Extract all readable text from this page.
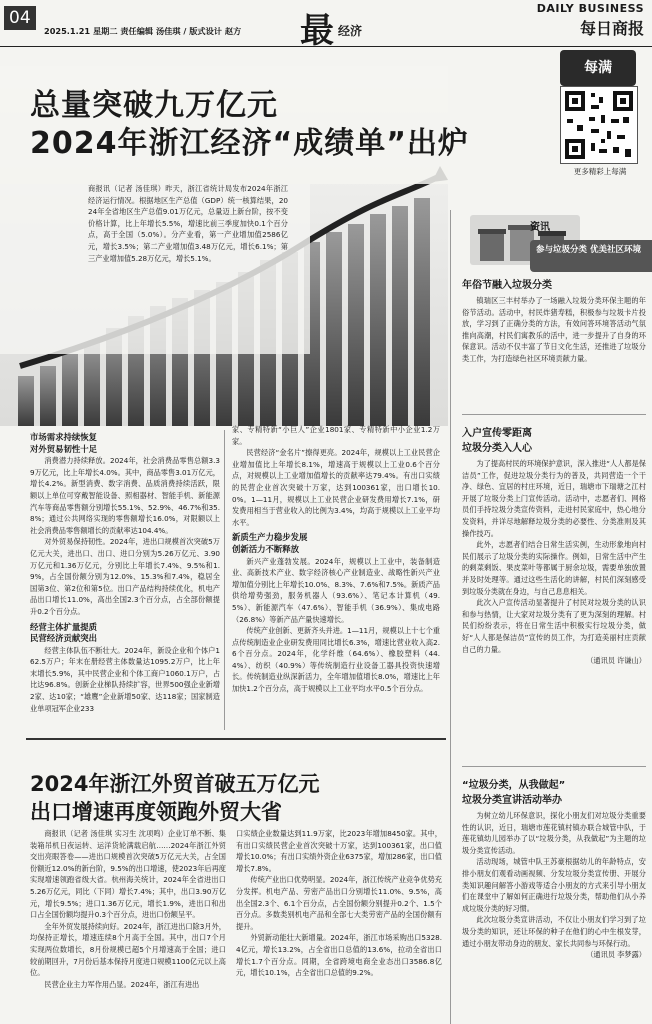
04
2025.1.21 星期二 责任编辑 汤佳琪 / 版式设计 赵方 最 经济
DAILY BUSINESS
每日商报
总量突破九万亿元
2024年浙江经济“成绩单”出炉
每满
更多精彩上每满
商报讯（记者 汤佳琪）昨天，浙江省统计局发布2024年浙江经济运行情况。根据地区生产总值（GDP）统一核算结果，2024年全省地区生产总值9.01万亿元，总量迈上新台阶，按不变价格计算，比上年增长5.5%，增速比前三季度加快0.1个百分点，高于全国（5.0%）。分产业看，第一产业增加值2586亿元，增长3.5%；第二产业增加值3.48万亿元，增长6.1%；第三产业增加值5.28万亿元，增长5.1%。
市场需求持续恢复
对外贸易韧性十足
消费潜力持续释放。2024年，社会消费品零售总额3.39万亿元，比上年增长4.0%。其中，商品零售3.01万亿元，增长4.2%。新型消费、数字消费、品质消费持续活跃，限额以上单位可穿戴智能设备、照相器材、智能手机、新能源汽车等商品零售额分别增长55.1%、52.9%、46.7%和35.8%；通过公共网络实现的零售额增长16.0%，对限额以上社会消费品零售额增长的贡献率达104.4%。
对外贸易保持韧性。2024年，进出口规模首次突破5万亿元大关，进出口、出口、进口分别为5.26万亿元、3.90万亿元和1.36万亿元，分别比上年增长7.4%、9.5%和1.9%，占全国份额分别为12.0%、15.3%和7.4%，稳居全国第3位、第2位和第5位。出口产品结构持续优化，机电产品出口增长11.0%，高出全国2.3个百分点，占全部份额提升0.2个百分点。
经营主体扩量提质
民营经济贡献突出
经营主体队伍不断壮大。2024年，新设企业和个体户162.5万户；年末在册经营主体数量达1095.2万户，比上年末增长5.9%，其中民营企业和个体工商户1060.1万户，占比达96.8%。创新企业梯队持续扩容，世界500强企业新增2家、达10家；“雄鹰”企业新增50家、达118家；国家制造业单项冠军企业233
家、专精特新“小巨人”企业1801家、专精特新中小企业1.2万家。
民营经济“金名片”擦得更亮。2024年，规模以上工业民营企业增加值比上年增长8.1%，增速高于规模以上工业0.6个百分点，对规模以上工业增加值增长的贡献率达79.4%。有出口实绩的民营企业首次突破十万家，达到100361家，出口增长10.0%。1—11月，规模以上工业民营企业研发费用增长7.1%，研发费用相当于营业收入的比例为3.4%，均高于规模以上工业平均水平。
新质生产力稳步发展
创新活力不断释放
新兴产业蓬勃发展。2024年，规模以上工业中，装备制造业、高新技术产业、数字经济核心产业制造业、战略性新兴产业增加值分别比上年增长10.0%、8.3%、7.6%和7.5%。新质产品供给增势强劲，服务机器人（93.6%）、笔记本计算机（49.5%）、新能源汽车（47.6%）、智能手机（36.9%）、集成电路（26.8%）等新产品产量快速增长。
传统产业创新、更新齐头并进。1—11月，规模以上十七个重点传统制造业企业研发费用同比增长6.3%，增速比营业收入高2.6个百分点。2024年，化学纤维（64.6%）、橡胶塑料（44.4%）、纺织（40.9%）等传统制造行业设备工器具投资快速增长。传统制造业纵深新活力，全年增加值增长8.0%，增速比上年加快1.2个百分点，高于规模以上工业平均水平0.5个百分点。
2024年浙江外贸首破五万亿元
出口增速再度领跑外贸大省
商报讯（记者 汤佳琪 实习生 沈项鸣）企业订单不断、集装箱吊机日夜运转、运洋货轮满载启航……2024年浙江外贸交出亮眼答卷——进出口规模首次突破5万亿元大关，占全国份额近12.0%的新台阶，9.5%的出口增速，使2023年后再度实现增速领跑省级大省。杭州海关统计，2024年全省进出口5.26万亿元，同比（下同）增长7.4%；其中，出口3.90万亿元，增长9.5%；进口1.36万亿元，增长1.9%，进出口和出口占全国份额均提升0.3个百分点，进出口份额呈平。
全年外贸发展持续向好。2024年，浙江进出口除3月外，均保持正增长，增速连续8个月高于全国。其中，出口7个月实现两位数增长，8月份规模已超5个月增速高于全国；进口较前期回升，7月份后基本保持月度进口规模1100亿元以上高位。
民营企业主力军作用凸显。2024年，浙江有进出
口实绩企业数量达到11.9万家，比2023年增加8450家。其中，有出口实绩民营企业首次突破十万家，达到100361家，出口值增长10.0%；有出口实绩外资企业6375家，增加286家，出口值增长7.8%。
传统产业出口优势明显。2024年，浙江传统产业竞争优势充分发挥。机电产品、劳密产品出口分别增长11.0%、9.5%，高出全国2.3个、6.1个百分点，占全国份额分别提升0.2个、1.5个百分点。多数类别机电产品和全部七大类劳密产品的全国份额有提升。
外贸新动能壮大新增量。2024年，浙江市场采购出口5328.4亿元，增长13.2%，占全省出口总值的13.6%，拉动全省出口增长1.7个百分点。同期，全省跨境电商全业态出口3586.8亿元，增长10.1%，占全省出口总值的9.2%。
资讯
参与垃圾分类 优美社区环境
年俗节融入垃圾分类
镇瑞区三丰村举办了一场融入垃圾分类环保主题的年俗节活动。活动中，村民炸猪寿糕，积极参与垃圾卡片投放，学习到了正确分类的方法，有效问答环境答活动气氛推向高潮，村民们寓教乐的活中，进一步提升了自身的环保意识。活动不仅丰富了节日文化生活，还推进了垃圾分类工作，为打造绿色社区环境贡献力量。
入户宣传零距离
垃圾分类入人心
为了提高村民的环境保护意识，深入推进“人人都是保洁员”工作，促进垃圾分类行为的普及，共同营造一个干净、绿色、宜居的村庄环境，近日，瑞塘市下瑞塘之江村开展了垃圾分类上门宣传活动。活动中，志愿者们、网格员们手持垃圾分类宣传资料，走进村民家庭中，热心地分发资料，并详尽地解释垃圾分类的必要性、分类准则及其操作技巧。
此外，志愿者们结合日常生活实例，生动形象地向村民们展示了垃圾分类的实际操作。例如，日常生活中产生的剩菜剩饭、果皮菜叶等都属于厨余垃圾，需要单独放置并及时处理等。通过这些生活化的讲解，村民们深刻感受到垃圾分类就在身边，与自己息息相关。
此次入户宣传活动显著提升了村民对垃圾分类的认识和参与热情，让大家对垃圾分类有了更为深刻的理解。村民们纷纷表示，将在日常生活中积极实行垃圾分类，做好“人人都是保洁员”宣传的员工作，为打造美丽村庄贡献自己的力量。
（通讯员 许谦山）
“垃圾分类，从我做起”
垃圾分类宣讲活动举办
为树立幼儿环保意识，探化小朋友们对垃圾分类重要性的认识，近日，瑞塘市莲花镇村镇办联合城管中队，于莲花镇幼儿园举办了以“垃圾分类，从我做起”为主题的垃圾分类宣传活动。
活动现场，城管中队王苏豪根据幼儿的年龄特点，安排小朋友们观看动画视频、分发垃圾分类宣传册、开展分类知识趣问解答小游戏等适合小朋友的方式来引导小朋友们在课堂中了解如何正确进行垃圾分类，帮助他们从小养成垃圾分类的好习惯。
此次垃圾分类宣讲活动，不仅让小朋友们学习到了垃圾分类的知识，还让环保的种子在他们的心中生根发芽，通过小朋友带动身边的朋友、家长共同参与环保行动。
（通讯员 李梦露）
